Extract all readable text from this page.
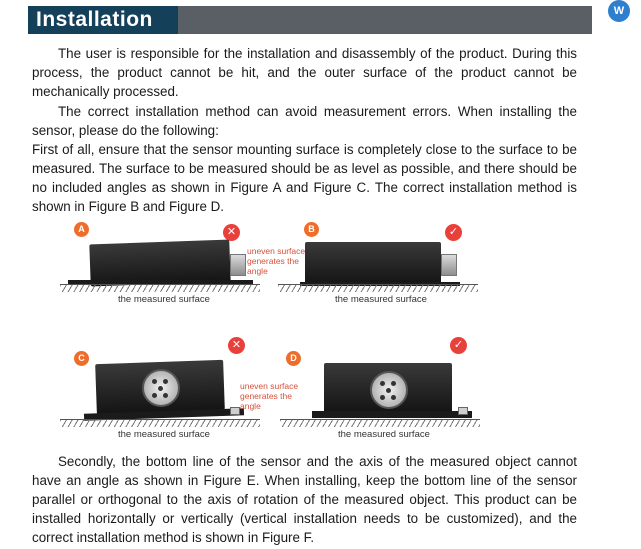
Installation	W

The user is responsible for the installation and disassembly of the product. During this process, the product cannot be hit, and the outer surface of the product cannot be mechanically processed.

The correct installation method can avoid measurement errors. When installing the sensor, please do the following:

First of all, ensure that the sensor mounting surface is completely close to the surface to be measured. The surface to be measured should be as level as possible, and there should be no included angles as shown in Figure A and Figure C. The correct installation method is shown in Figure B and Figure D.

A	✕
uneven surface generates the angle
the measured surface
B	✓
the measured surface
C
✕
uneven surface generates the angle
the measured surface
D
✓
the measured surface

Secondly, the bottom line of the sensor and the axis of the measured object cannot have an angle as shown in Figure E. When installing, keep the bottom line of the sensor parallel or orthogonal to the axis of rotation of the measured object. This product can be installed horizontally or vertically (vertical installation needs to be customized), and the correct installation method is shown in Figure F.
